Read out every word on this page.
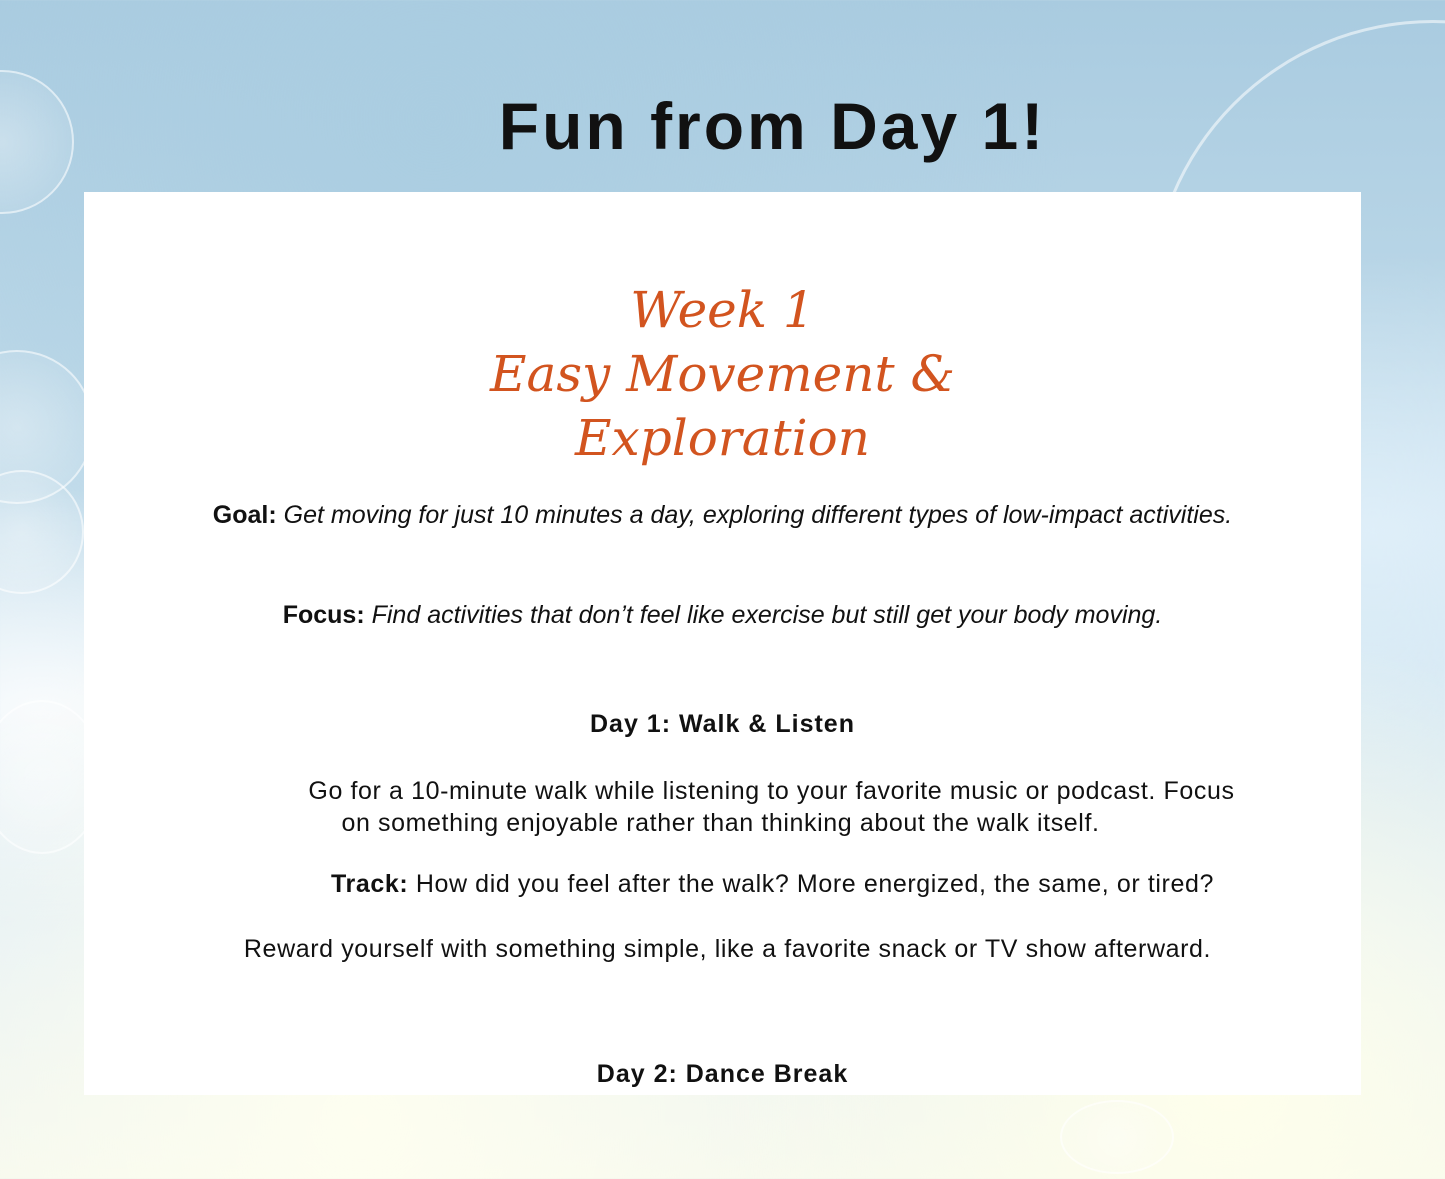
Fun from Day 1!
Week 1
Easy Movement &
Exploration
Goal: Get moving for just 10 minutes a day, exploring different types of low-impact activities.
Focus: Find activities that don’t feel like exercise but still get your body moving.
Day 1: Walk & Listen
Go for a 10-minute walk while listening to your favorite music or podcast. Focus
on something enjoyable rather than thinking about the walk itself.
Track: How did you feel after the walk? More energized, the same, or tired?
Reward yourself with something simple, like a favorite snack or TV show afterward.
Day 2: Dance Break
